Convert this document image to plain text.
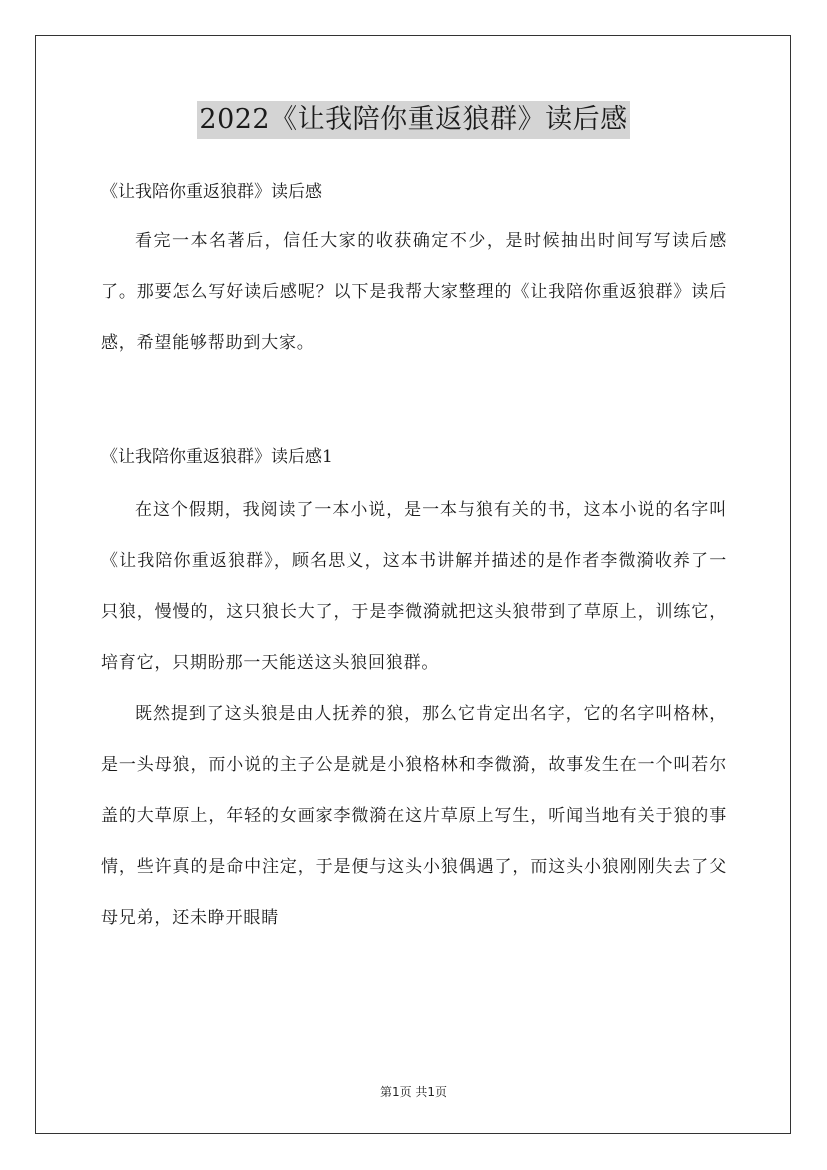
2022《让我陪你重返狼群》读后感

《让我陪你重返狼群》读后感

看完一本名著后，信任大家的收获确定不少，是时候抽出时间写写读后感了。那要怎么写好读后感呢？以下是我帮大家整理的《让我陪你重返狼群》读后感，希望能够帮助到大家。

《让我陪你重返狼群》读后感1

在这个假期，我阅读了一本小说，是一本与狼有关的书，这本小说的名字叫《让我陪你重返狼群》，顾名思义，这本书讲解并描述的是作者李微漪收养了一只狼，慢慢的，这只狼长大了，于是李微漪就把这头狼带到了草原上，训练它，培育它，只期盼那一天能送这头狼回狼群。

既然提到了这头狼是由人抚养的狼，那么它肯定出名字，它的名字叫格林，是一头母狼，而小说的主子公是就是小狼格林和李微漪，故事发生在一个叫若尔盖的大草原上，年轻的女画家李微漪在这片草原上写生，听闻当地有关于狼的事情，些许真的是命中注定，于是便与这头小狼偶遇了，而这头小狼刚刚失去了父母兄弟，还未睁开眼睛

第1页 共1页
